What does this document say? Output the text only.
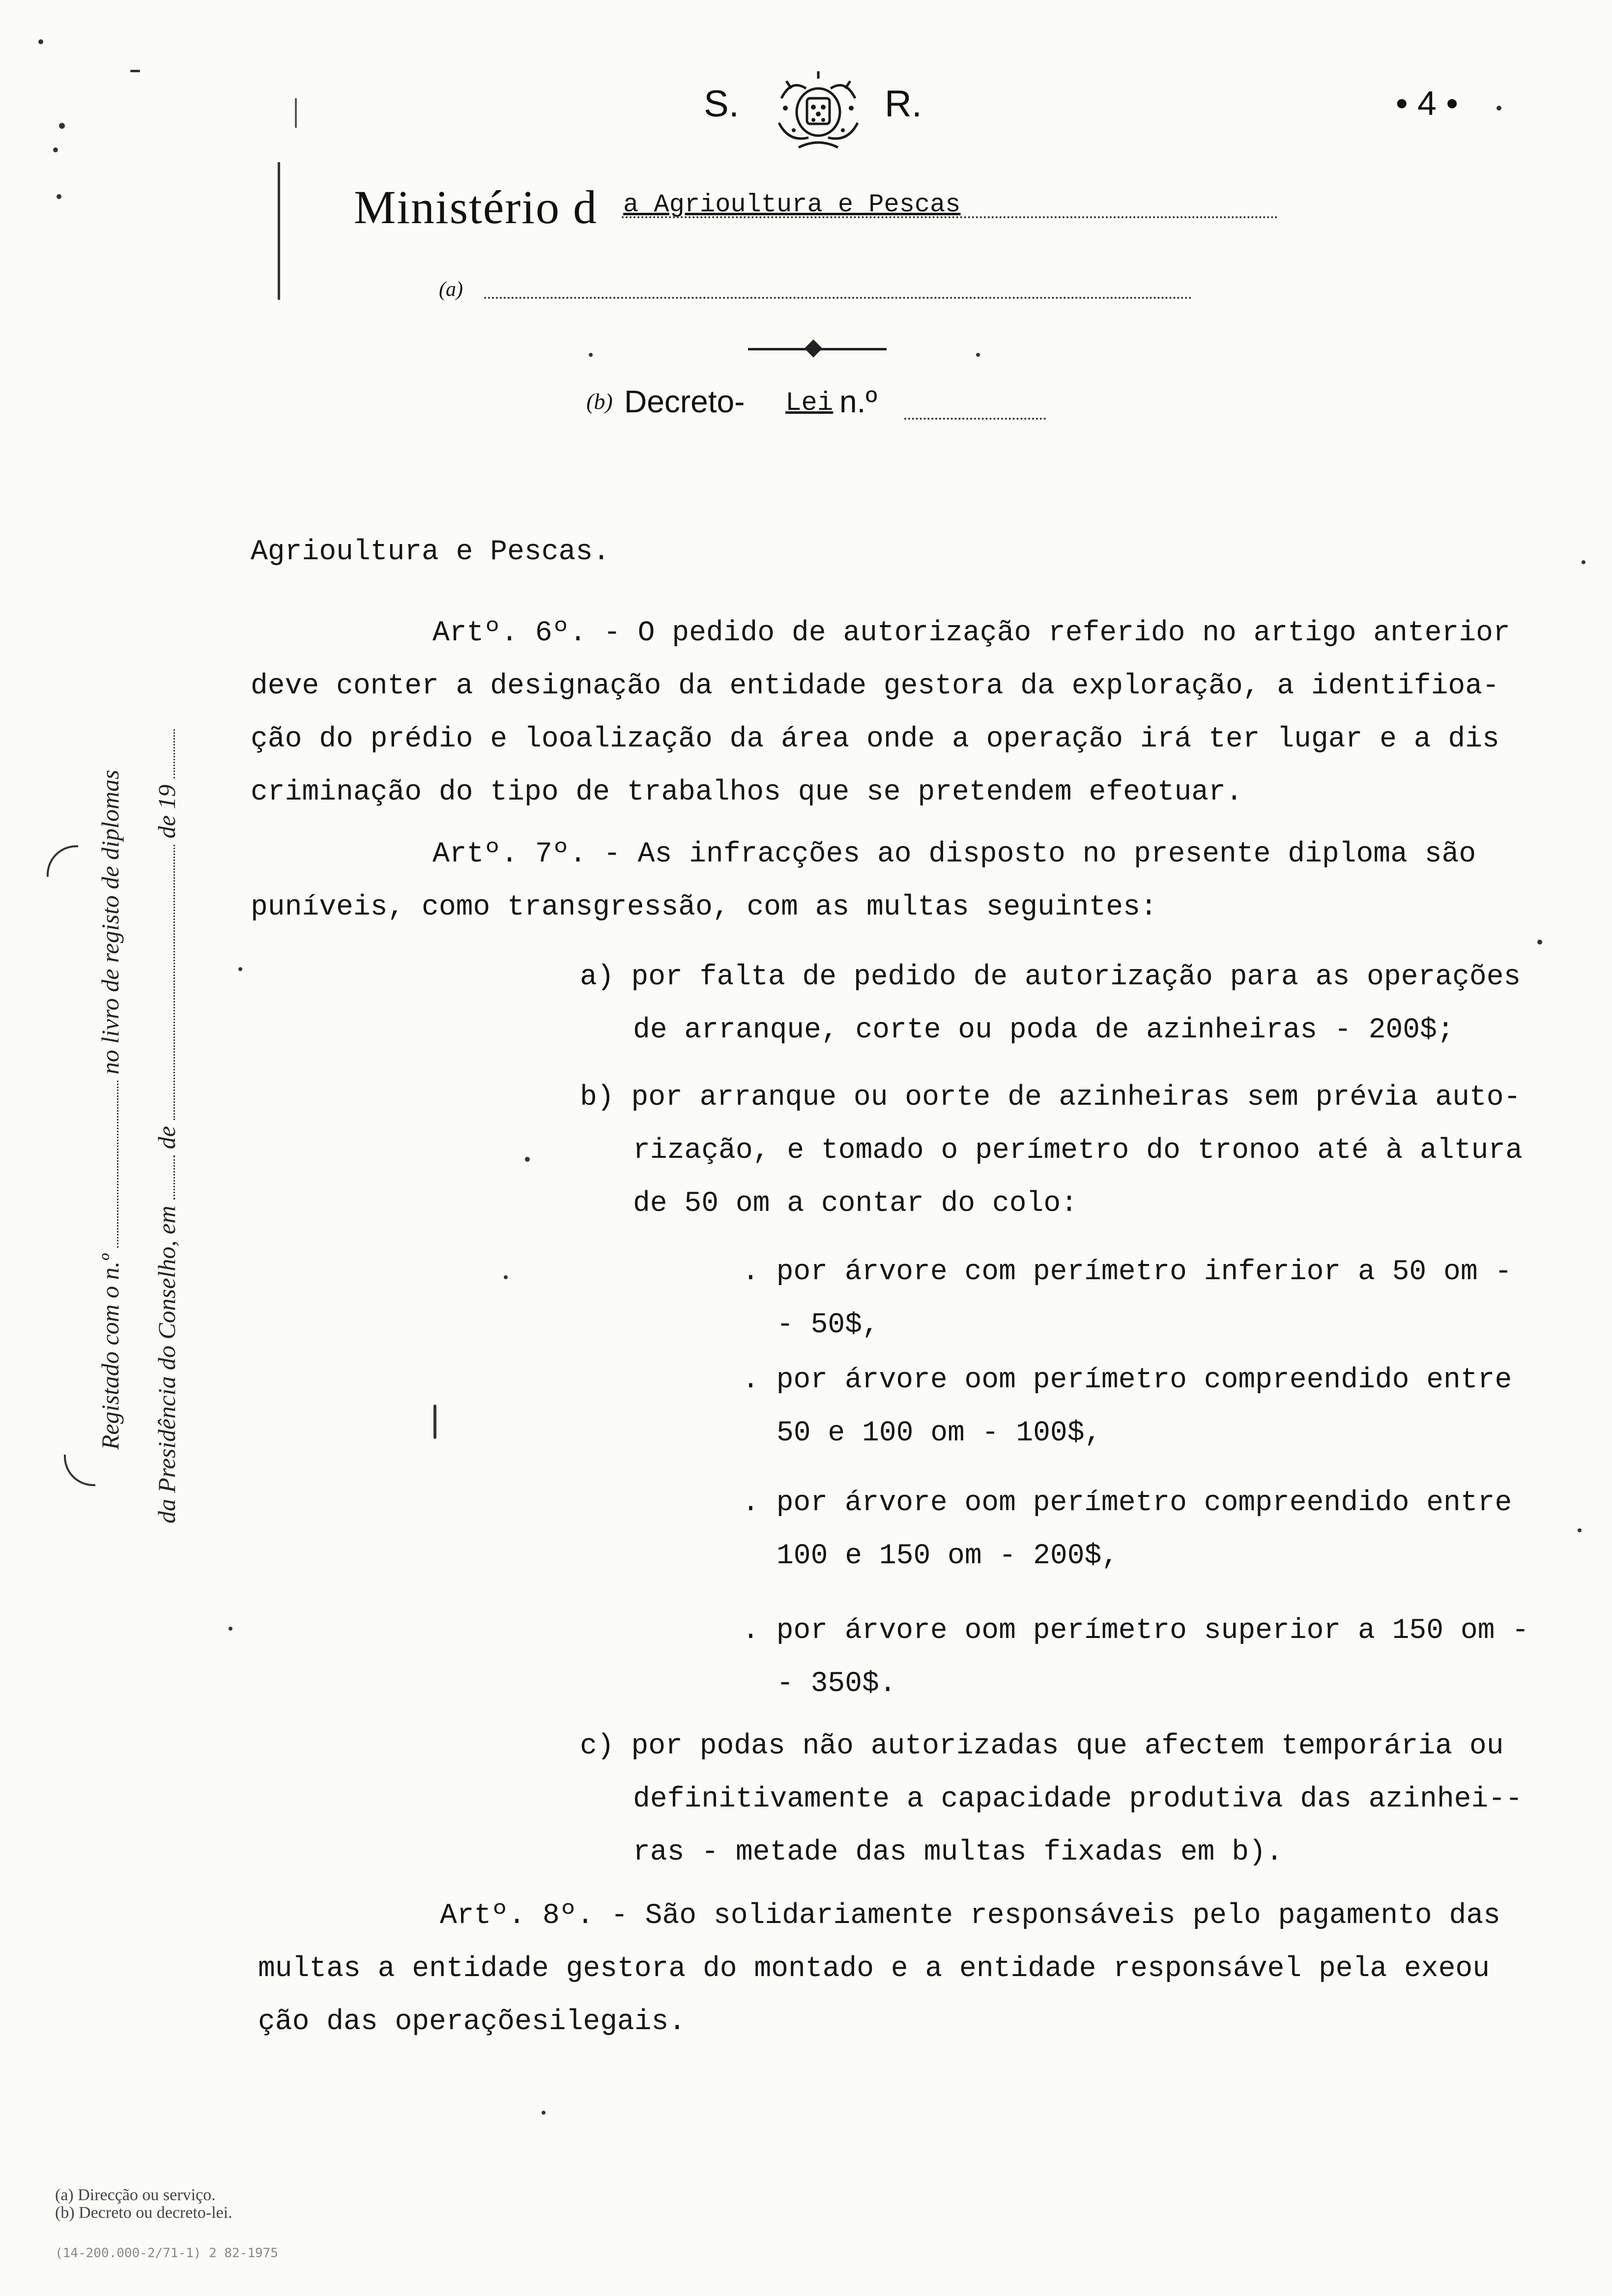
S.	R.	• 4 •
Ministério d a Agrioultura e Pescas
(a)
(b) Decreto- Lei n.º
Registado com o n.º  no livro de registo de diplomas
da Presidência do Conselho, em  de  de 19
Agrioultura e Pescas.
Artº. 6º. - O pedido de autorização referido no artigo anterior
deve conter a designação da entidade gestora da exploração, a identifioa-
ção do prédio e looalização da área onde a operação irá ter lugar e a dis
criminação do tipo de trabalhos que se pretendem efeotuar.
Artº. 7º. - As infracções ao disposto no presente diploma são
puníveis, como transgressão, com as multas seguintes:
a) por falta de pedido de autorização para as operações
de arranque, corte ou poda de azinheiras - 200$;
b) por arranque ou oorte de azinheiras sem prévia auto-
rização, e tomado o perímetro do tronoo até à altura
de 50 om a contar do colo:
. por árvore com perímetro inferior a 50 om -
- 50$,
. por árvore oom perímetro compreendido entre
50 e 100 om - 100$,
. por árvore oom perímetro compreendido entre
100 e 150 om - 200$,
. por árvore oom perímetro superior a 150 om -
- 350$.
c) por podas não autorizadas que afectem temporária ou
definitivamente a capacidade produtiva das azinhei--
ras - metade das multas fixadas em b).
Artº. 8º. - São solidariamente responsáveis pelo pagamento das
multas a entidade gestora do montado e a entidade responsável pela exeou
ção das operaçõesilegais.
(a) Direcção ou serviço.
(b) Decreto ou decreto-lei.
(14-200.000-2/71-1) 2 82-1975
